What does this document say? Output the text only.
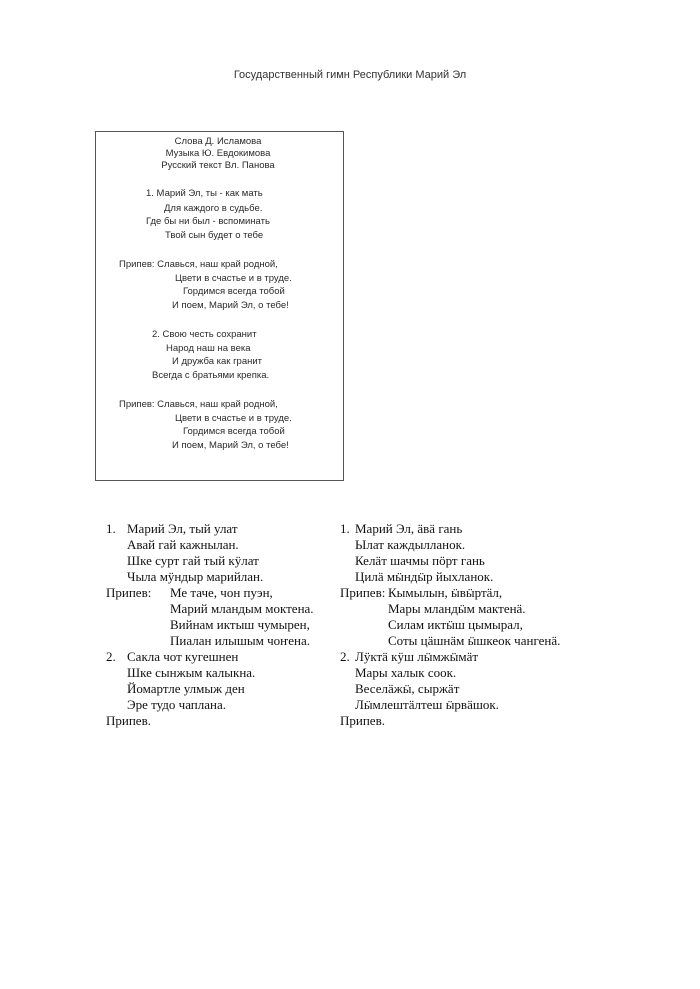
Государственный гимн Республики Марий Эл
Слова Д. Исламова
Музыка Ю. Евдокимова
Русский текст Вл. Панова
1. Марий Эл, ты - как мать
Для каждого в судьбе.
Где бы ни был - вспоминать
Твой сын будет о тебе
Припев: Славься, наш край родной,
Цвети в счастье и в труде.
Гордимся всегда тобой
И поем, Марий Эл, о тебе!
2. Свою честь сохранит
Народ наш на века
И дружба как гранит
Всегда с братьями крепка.
Припев: Славься, наш край родной,
Цвети в счастье и в труде.
Гордимся всегда тобой
И поем, Марий Эл, о тебе!
1. Марий Эл, тый улат
Авай гай кажнылан.
Шке сурт гай тый кӱлат
Чыла мӱндыр марийлан.
Припев: Ме таче, чон пуэн,
Марий мландым моктена.
Вийнам иктыш чумырен,
Пиалан илышым чоҥена.
2. Сакла чот кугешнен
Шке сынжым калыкна.
Йомартле улмыж ден
Эре тудо чаплана.
Припев.
1. Марий Эл, ӓвӓ гань
Ылат каждылланок.
Келӓт шачмы пӧрт гань
Цилӓ мӹндӹр йыхланок.
Припев: Кымылын, ӹвӹртӓл,
Мары мландӹм мактенӓ.
Силам иктӹш цымырал,
Соты цӓшнӓм ӹшкеок чангенӓ.
2. Лӱктӓ кӱш лӹмжӹмӓт
Мары халык соок.
Веселӓжӹ, сыржӓт
Лӹмлештӓлтеш ӹрвӓшок.
Припев.
